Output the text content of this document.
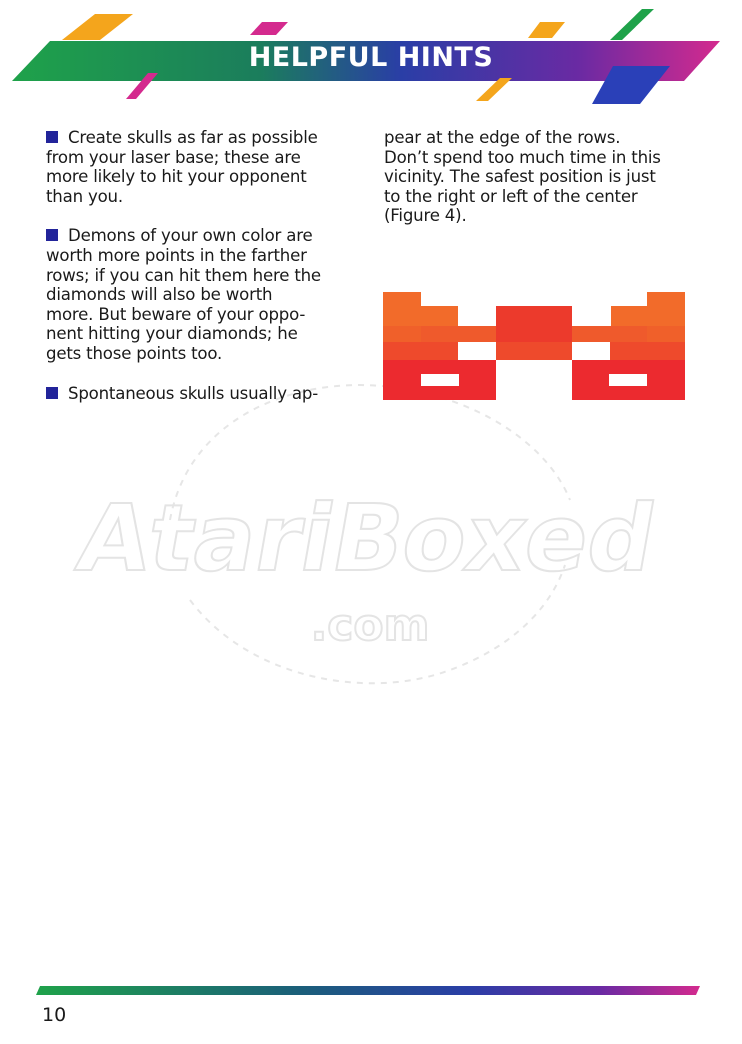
HELPFUL HINTS
AtariBoxed
.com
Create skulls as far as possible
from your laser base; these are
more likely to hit your opponent
than you.
Demons of your own color are
worth more points in the farther
rows; if you can hit them here the
diamonds will also be worth
more. But beware of your oppo-
nent hitting your diamonds; he
gets those points too.
Spontaneous skulls usually ap-
pear at the edge of the rows.
Don’t spend too much time in this
vicinity. The safest position is just
to the right or left of the center
(Figure 4).
10
